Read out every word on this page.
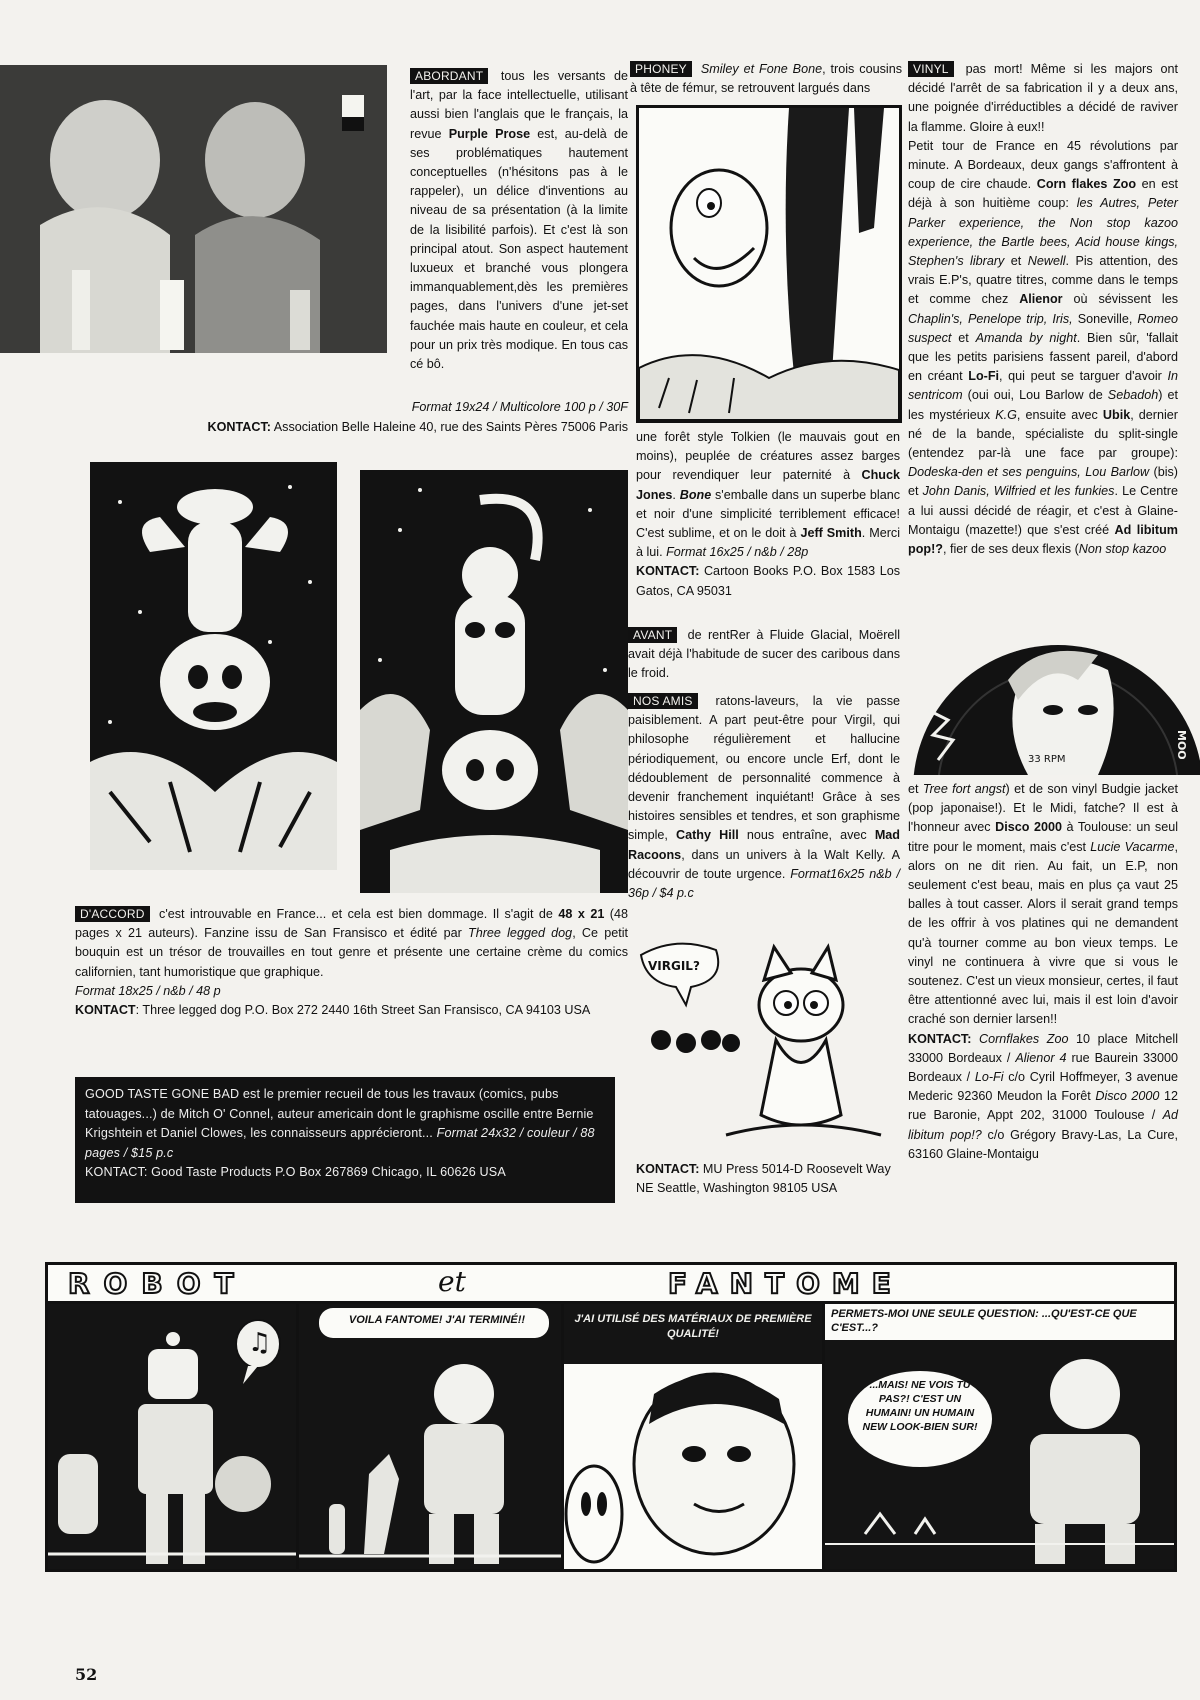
ABORDANT tous les versants de l'art, par la face intellectuelle, utilisant aussi bien l'anglais que le français, la revue Purple Prose est, au-delà de ses problématiques hautement conceptuelles (n'hésitons pas à le rappeler), un délice d'inventions au niveau de sa présentation (à la limite de la lisibilité parfois). Et c'est là son principal atout. Son aspect hautement luxueux et branché vous plongera immanquablement,dès les premières pages, dans l'univers d'une jet-set fauchée mais haute en couleur, et cela pour un prix très modique. En tous cas cé bô.

Format 19x24 / Multicolore 100 p / 30F

KONTACT: Association Belle Haleine 40, rue des Saints Pères 75006 Paris

D'ACCORD c'est introuvable en France... et cela est bien dommage. Il s'agit de 48 x 21 (48 pages x 21 auteurs). Fanzine issu de San Fransisco et édité par Three legged dog, Ce petit bouquin est un trésor de trouvailles en tout genre et présente une certaine crème du comics californien, tant humoristique que graphique.

Format 18x25 / n&b / 48 p

KONTACT: Three legged dog P.O. Box 272 2440 16th Street San Fransisco, CA 94103 USA

GOOD TASTE GONE BAD est le premier recueil de tous les travaux (comics, pubs tatouages...) de Mitch O' Connel, auteur americain dont le graphisme oscille entre Bernie Krigshtein et Daniel Clowes, les connaisseurs apprécieront... Format 24x32 / couleur / 88 pages / $15 p.c

KONTACT: Good Taste Products P.O Box 267869 Chicago, IL 60626 USA

PHONEY Smiley et Fone Bone, trois cousins à tête de fémur, se retrouvent largués dans

une forêt style Tolkien (le mauvais gout en moins), peuplée de créatures assez barges pour revendiquer leur paternité à Chuck Jones. Bone s'emballe dans un superbe blanc et noir d'une simplicité terriblement efficace! C'est sublime, et on le doit à Jeff Smith. Merci à lui. Format 16x25 / n&b / 28p

KONTACT: Cartoon Books P.O. Box 1583 Los Gatos, CA 95031

AVANT de rentRer à Fluide Glacial, Moërell avait déjà l'habitude de sucer des caribous dans le froid.

NOS AMIS ratons-laveurs, la vie passe paisiblement. A part peut-être pour Virgil, qui philosophe régulièrement et hallucine périodiquement, ou encore uncle Erf, dont le dédoublement de personnalité commence à devenir franchement inquiétant! Grâce à ses histoires sensibles et tendres, et son graphisme simple, Cathy Hill nous entraîne, avec Mad Racoons, dans un univers à la Walt Kelly. A découvrir de toute urgence. Format16x25 n&b / 36p / $4 p.c

VIRGIL?

KONTACT: MU Press 5014-D Roosevelt Way NE Seattle, Washington 98105 USA

VINYL pas mort! Même si les majors ont décidé l'arrêt de sa fabrication il y a deux ans, une poignée d'irréductibles a décidé de raviver la flamme. Gloire à eux!!

Petit tour de France en 45 révolutions par minute. A Bordeaux, deux gangs s'affrontent à coup de cire chaude. Corn flakes Zoo en est déjà à son huitième coup: les Autres, Peter Parker experience, the Non stop kazoo experience, the Bartle bees, Acid house kings, Stephen's library et Newell. Pis attention, des vrais E.P's, quatre titres, comme dans le temps et comme chez Alienor où sévissent les Chaplin's, Penelope trip, Iris, Soneville, Romeo suspect et Amanda by night. Bien sûr, 'fallait que les petits parisiens fassent pareil, d'abord en créant Lo-Fi, qui peut se targuer d'avoir In sentricom (oui oui, Lou Barlow de Sebadoh) et les mystérieux K.G, ensuite avec Ubik, dernier né de la bande, spécialiste du split-single (entendez par-là une face par groupe): Dodeska-den et ses penguins, Lou Barlow (bis) et John Danis, Wilfried et les funkies. Le Centre a lui aussi décidé de réagir, et c'est à Glaine-Montaigu (mazette!) que s'est créé Ad libitum pop!?, fier de ses deux flexis (Non stop kazoo

33 RPM	MOO

et Tree fort angst) et de son vinyl Budgie jacket (pop japonaise!). Et le Midi, fatche? Il est à l'honneur avec Disco 2000 à Toulouse: un seul titre pour le moment, mais c'est Lucie Vacarme, alors on ne dit rien. Au fait, un E.P, non seulement c'est beau, mais en plus ça vaut 25 balles à tout casser. Alors il serait grand temps de les offrir à vos platines qui ne demandent qu'à tourner comme au bon vieux temps. Le vinyl ne continuera à vivre que si vous le soutenez. C'est un vieux monsieur, certes, il faut être attentionné avec lui, mais il est loin d'avoir craché son dernier larsen!!

KONTACT: Cornflakes Zoo 10 place Mitchell 33000 Bordeaux / Alienor 4 rue Baurein 33000 Bordeaux / Lo-Fi c/o Cyril Hoffmeyer, 3 avenue Mederic 92360 Meudon la Forêt Disco 2000 12 rue Baronie, Appt 202, 31000 Toulouse / Ad libitum pop!? c/o Grégory Bravy-Las, La Cure, 63160 Glaine-Montaigu

ROBOT	et	FANTOME
♫
VOILA FANTOME! J'AI TERMINÉ!!	J'AI UTILISÉ DES MATÉRIAUX DE PREMIÈRE QUALITÉ!
PERMETS-MOI UNE SEULE QUESTION: ...QU'EST-CE QUE C'EST...?
...MAIS! NE VOIS TU PAS?! C'EST UN HUMAIN! UN HUMAIN NEW LOOK-BIEN SUR!
52
